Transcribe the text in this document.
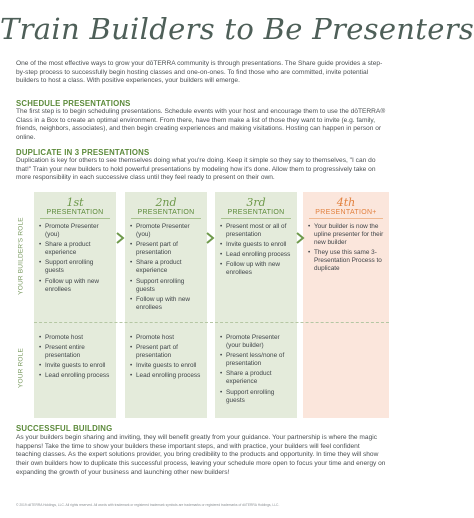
Train Builders to Be Presenters
One of the most effective ways to grow your dōTERRA community is through presentations. The Share guide provides a step-by-step process to successfully begin hosting classes and one-on-ones. To find those who are committed, invite potential builders to host a class. With positive experiences, your builders will emerge.
SCHEDULE PRESENTATIONS
The first step is to begin scheduling presentations. Schedule events with your host and encourage them to use the dōTERRA® Class in a Box to create an optimal environment. From there, have them make a list of those they want to invite (e.g. family, friends, neighbors, associates), and then begin creating experiences and making visitations. Hosting can happen in person or online.
DUPLICATE IN 3 PRESENTATIONS
Duplication is key for others to see themselves doing what you're doing. Keep it simple so they say to themselves, "I can do that!" Train your new builders to hold powerful presentations by modeling how it's done. Allow them to progressively take on more responsibility in each successive class until they feel ready to present on their own.
YOUR BUILDER'S ROLE
YOUR ROLE
1st
PRESENTATION
• Promote Presenter (you)
• Share a product experience
• Support enrolling guests
• Follow up with new enrollees
• Promote host
• Present entire presentation
• Invite guests to enroll
• Lead enrolling process
2nd
PRESENTATION
• Promote Presenter (you)
• Present part of presentation
• Share a product experience
• Support enrolling guests
• Follow up with new enrollees
• Promote host
• Present part of presentation
• Invite guests to enroll
• Lead enrolling process
3rd
PRESENTATION
• Present most or all of presentation
• Invite guests to enroll
• Lead enrolling process
• Follow up with new enrollees
• Promote Presenter (your builder)
• Present less/none of presentation
• Share a product experience
• Support enrolling guests
4th
PRESENTATION+
• Your builder is now the upline presenter for their new builder
• They use this same 3-Presentation Process to duplicate
SUCCESSFUL BUILDING
As your builders begin sharing and inviting, they will benefit greatly from your guidance. Your partnership is where the magic happens! Take the time to show your builders these important steps, and with practice, your builders will feel confident teaching classes. As the expert solutions provider, you bring credibility to the products and opportunity. In time they will show their own builders how to duplicate this successful process, leaving your schedule more open to focus your time and energy on expanding the growth of your business and launching other new builders!
© 2019 dōTERRA Holdings, LLC. All rights reserved. All words with trademark or registered trademark symbols are trademarks or registered trademarks of dōTERRA Holdings, LLC.
